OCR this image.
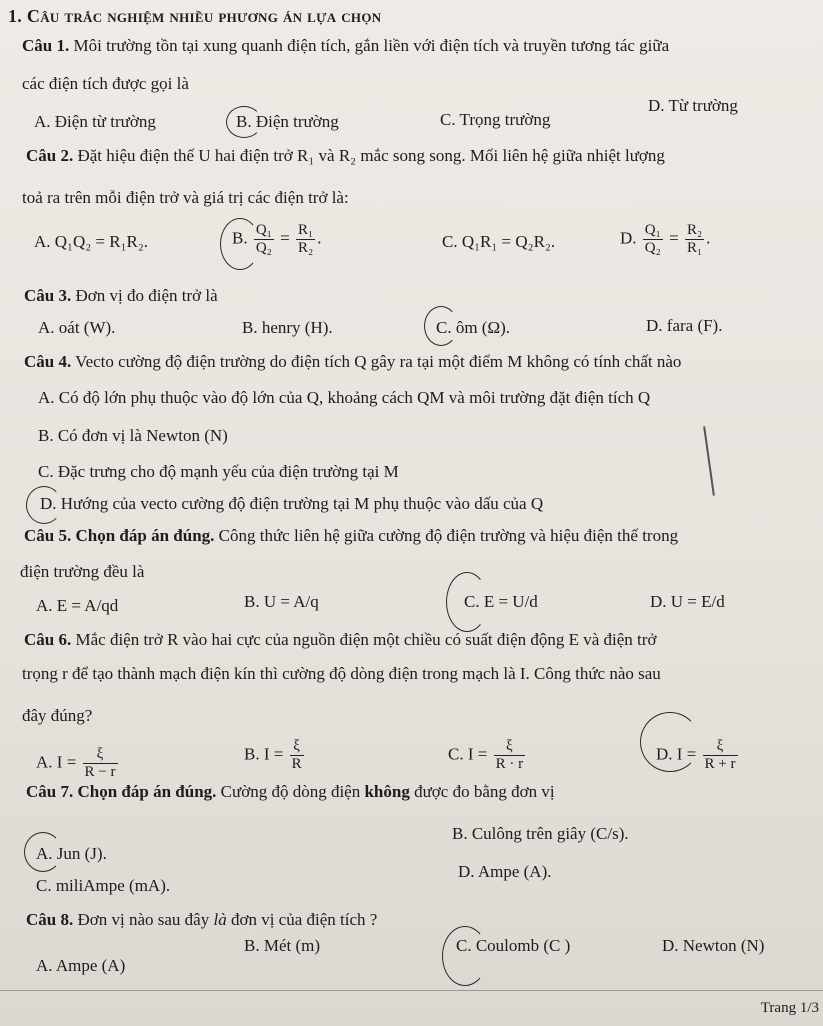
1. Câu trắc nghiệm nhiều phương án lựa chọn
Câu 1. Môi trường tồn tại xung quanh điện tích, gắn liền với điện tích và truyền tương tác giữa
các điện tích được gọi là
A. Điện từ trường	B. Điện trường	C. Trọng trường
D. Từ trường
Câu 2. Đặt hiệu điện thế U hai điện trở R₁ và R₂ mắc song song. Mối liên hệ giữa nhiệt lượng
toả ra trên mỗi điện trở và giá trị các điện trở là:
A. Q₁Q₂ = R₁R₂.	B. $\frac{\text{Q₁}}{\text{Q₂}} = \frac{\text{R₁}}{\text{R₂}}$ .	C. Q₁R₁ = Q₂R₂.	D. $\frac{\text{Q₁}}{\text{Q₂}} = \frac{\text{R₂}}{\text{R₁}}$ .
Câu 3. Đơn vị đo điện trở là
A. oát (W).	B. henry (H).	C. ôm (Ω).	D. fara (F).
Câu 4. Vecto cường độ điện trường do điện tích Q gây ra tại một điểm M không có tính chất nào
A. Có độ lớn phụ thuộc vào độ lớn của Q, khoảng cách QM và môi trường đặt điện tích Q
B. Có đơn vị là Newton (N)
C. Đặc trưng cho độ mạnh yếu của điện trường tại M
D. Hướng của vecto cường độ điện trường tại M phụ thuộc vào dấu của Q
Câu 5. Chọn đáp án đúng. Công thức liên hệ giữa cường độ điện trường và hiệu điện thế trong
điện trường đều là
A. E = A/qd	B. U = A/q	C. E = U/d	D. U = E/d
Câu 6. Mắc điện trở R vào hai cực của nguồn điện một chiều có suất điện động E và điện trở
trọng r để tạo thành mạch điện kín thì cường độ dòng điện trong mạch là I. Công thức nào sau
đây đúng?
A. $I = \frac{\xi}{R - r}$	B. $I = \frac{\xi}{R}$	C. $I = \frac{\xi}{R \cdot r}$	D. $I = \frac{\xi}{R + r}$
Câu 7. Chọn đáp án đúng. Cường độ dòng điện không được đo bằng đơn vị
A. Jun (J).
B. Culông trên giây (C/s).
C. miliAmpe (mA).
D. Ampe (A).
Câu 8. Đơn vị nào sau đây là đơn vị của điện tích ?
A. Ampe (A)
B. Mét (m)	C. Coulomb (C )	D. Newton (N)
Trang 1/3
